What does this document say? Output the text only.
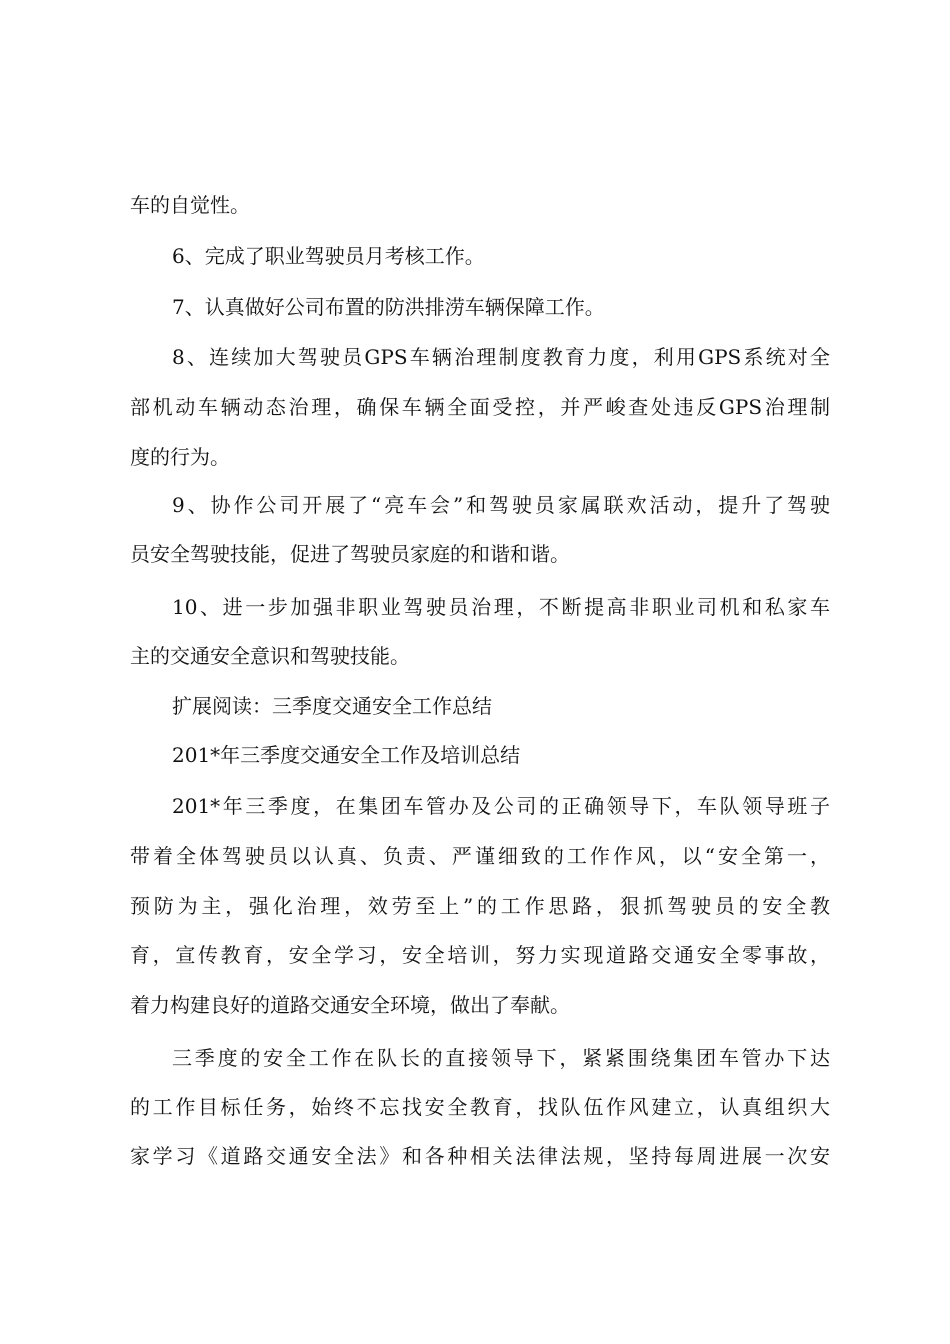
车的自觉性。
6、完成了职业驾驶员月考核工作。
7、认真做好公司布置的防洪排涝车辆保障工作。
8、连续加大驾驶员GPS车辆治理制度教育力度，利用GPS系统对全
部机动车辆动态治理，确保车辆全面受控，并严峻查处违反GPS治理制
度的行为。
9、协作公司开展了“亮车会”和驾驶员家属联欢活动，提升了驾驶
员安全驾驶技能，促进了驾驶员家庭的和谐和谐。
10、进一步加强非职业驾驶员治理，不断提高非职业司机和私家车
主的交通安全意识和驾驶技能。
扩展阅读：三季度交通安全工作总结
201*年三季度交通安全工作及培训总结
201*年三季度，在集团车管办及公司的正确领导下，车队领导班子
带着全体驾驶员以认真、负责、严谨细致的工作作风，以“安全第一，
预防为主，强化治理，效劳至上”的工作思路，狠抓驾驶员的安全教
育，宣传教育，安全学习，安全培训，努力实现道路交通安全零事故，
着力构建良好的道路交通安全环境，做出了奉献。
三季度的安全工作在队长的直接领导下，紧紧围绕集团车管办下达
的工作目标任务，始终不忘找安全教育，找队伍作风建立，认真组织大
家学习《道路交通安全法》和各种相关法律法规，坚持每周进展一次安
